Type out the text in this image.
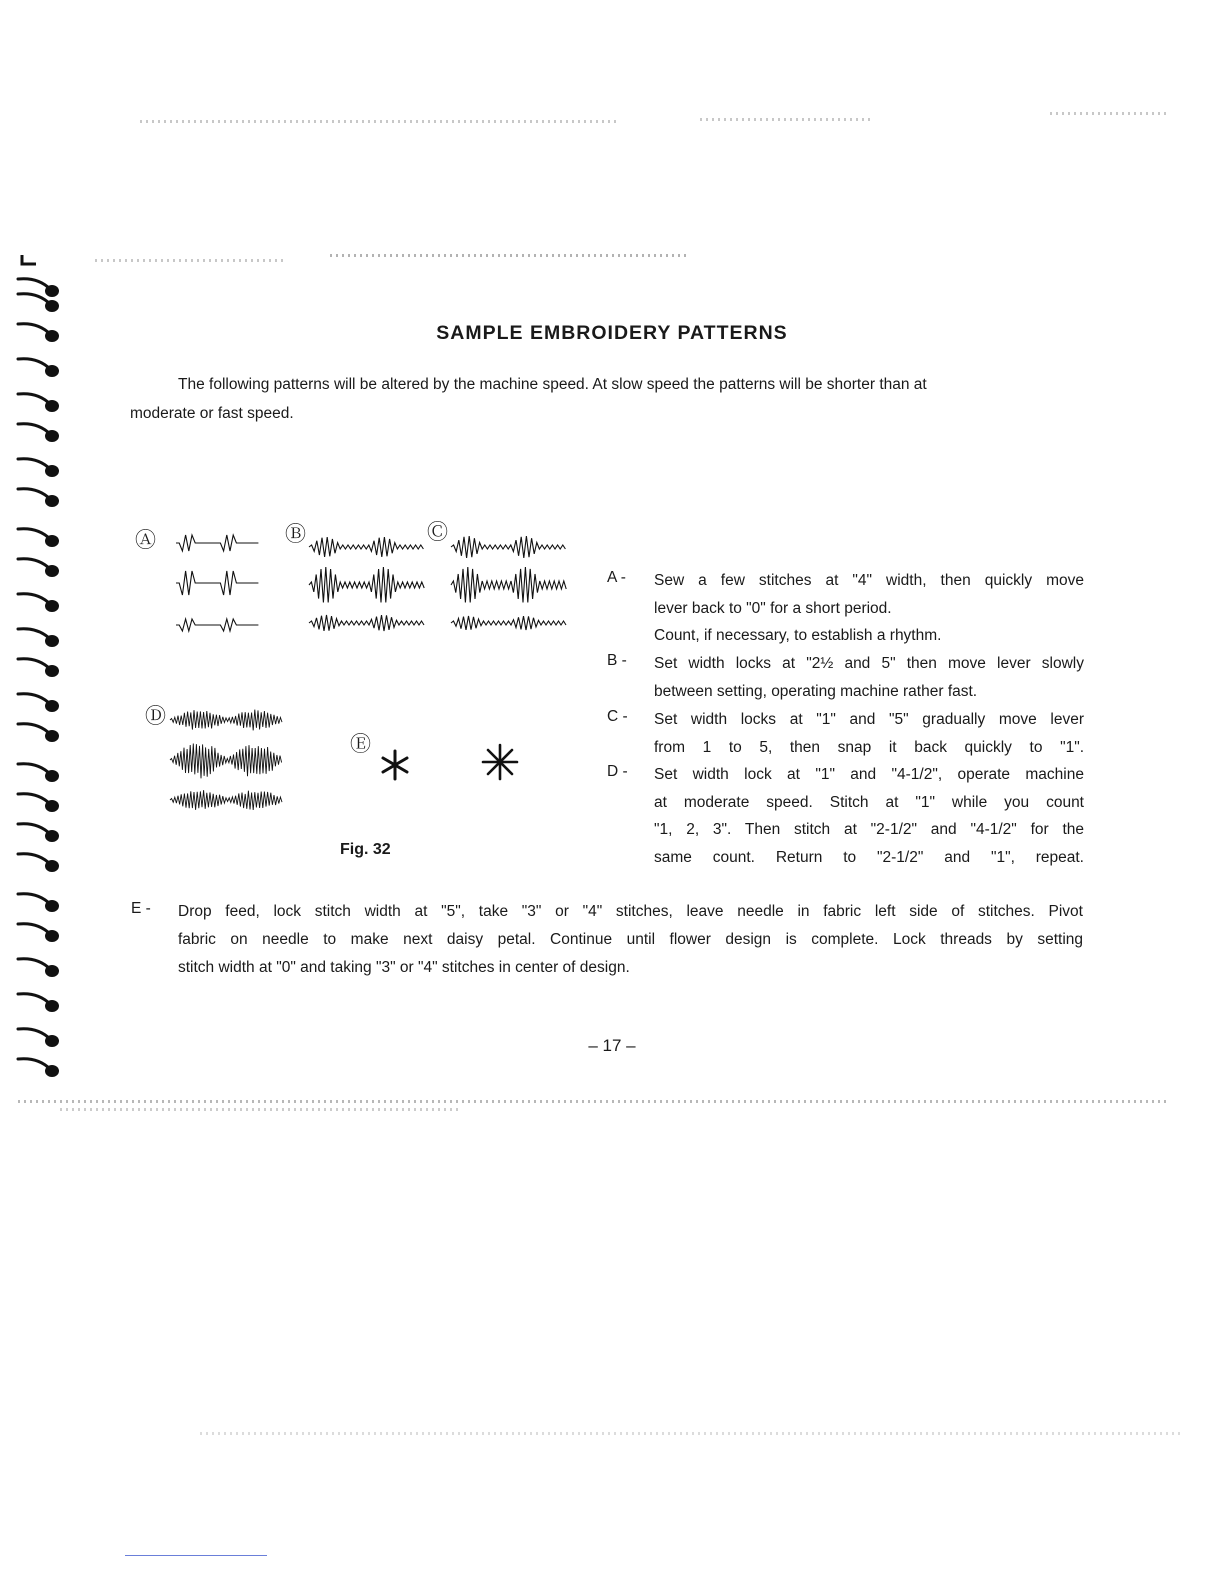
SAMPLE EMBROIDERY PATTERNS
The following patterns will be altered by the machine speed. At slow speed the patterns will be shorter than at
moderate or fast speed.
Ⓐ	Ⓑ	Ⓒ
Ⓓ
Ⓔ
Fig. 32
A - Sew a few stitches at "4" width, then quickly move
lever back to "0" for a short period.
Count, if necessary, to establish a rhythm.
B - Set width locks at "2½ and 5" then move lever slowly
between setting, operating machine rather fast.
C - Set width locks at "1" and "5" gradually move lever
from 1 to 5, then snap it back quickly to "1".
D - Set width lock at "1" and "4-1/2", operate machine
at moderate speed. Stitch at "1" while you count
"1, 2, 3". Then stitch at "2-1/2" and "4-1/2" for the
same count. Return to "2-1/2" and "1", repeat.
E - Drop feed, lock stitch width at "5", take "3" or "4" stitches, leave needle in fabric left side of stitches. Pivot
fabric on needle to make next daisy petal. Continue until flower design is complete. Lock threads by setting
stitch width at "0" and taking "3" or "4" stitches in center of design.
– 17 –
